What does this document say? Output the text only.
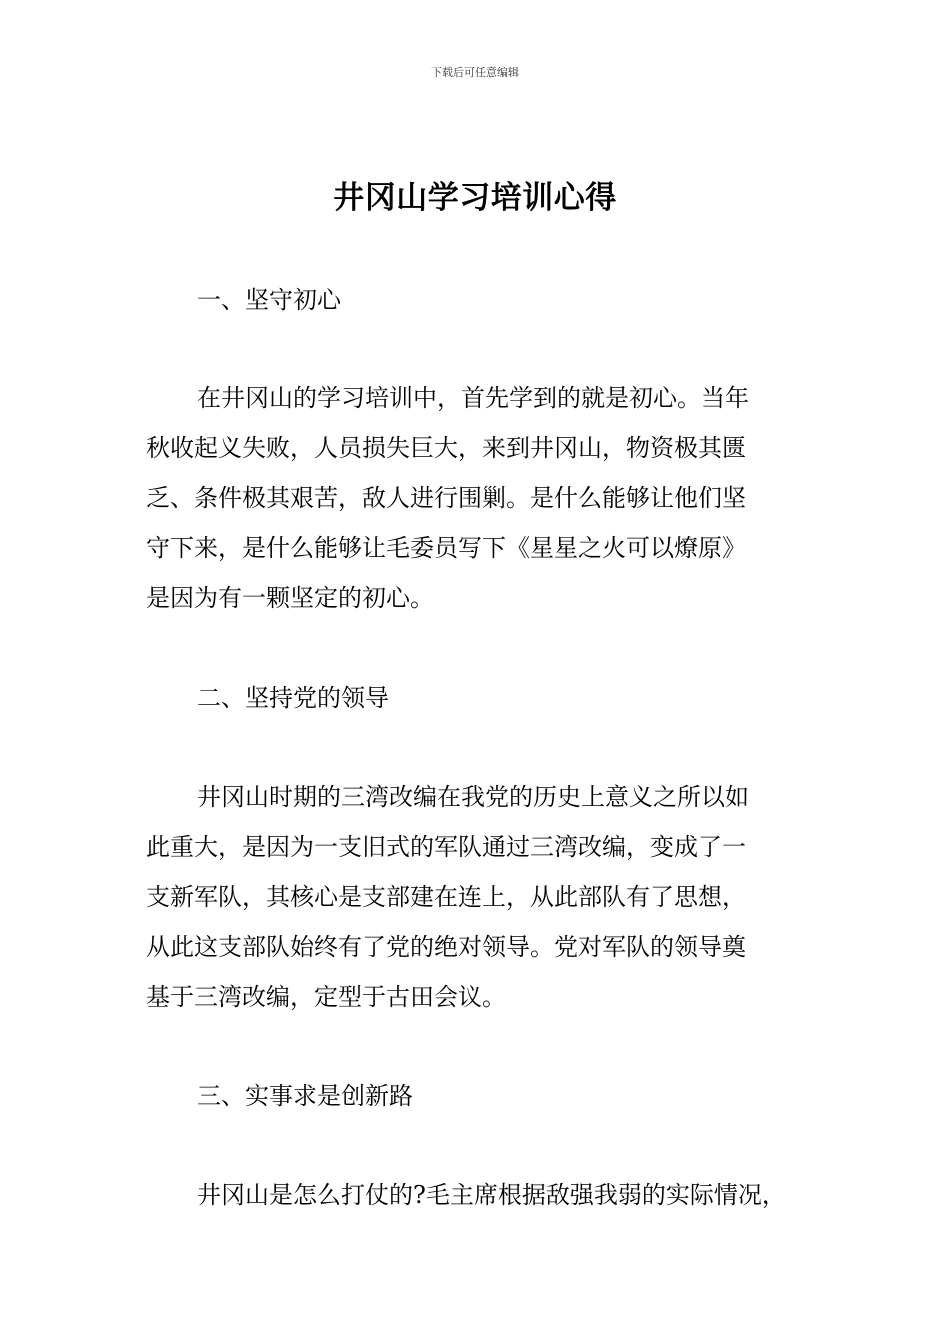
下载后可任意编辑
井冈山学习培训心得
一、坚守初心
在井冈山的学习培训中，首先学到的就是初心。当年
秋收起义失败，人员损失巨大，来到井冈山，物资极其匮
乏、条件极其艰苦，敌人进行围剿。是什么能够让他们坚
守下来，是什么能够让毛委员写下《星星之火可以燎原》
是因为有一颗坚定的初心。
二、坚持党的领导
井冈山时期的三湾改编在我党的历史上意义之所以如
此重大，是因为一支旧式的军队通过三湾改编，变成了一
支新军队，其核心是支部建在连上，从此部队有了思想，
从此这支部队始终有了党的绝对领导。党对军队的领导奠
基于三湾改编，定型于古田会议。
三、实事求是创新路
井冈山是怎么打仗的?毛主席根据敌强我弱的实际情况，
